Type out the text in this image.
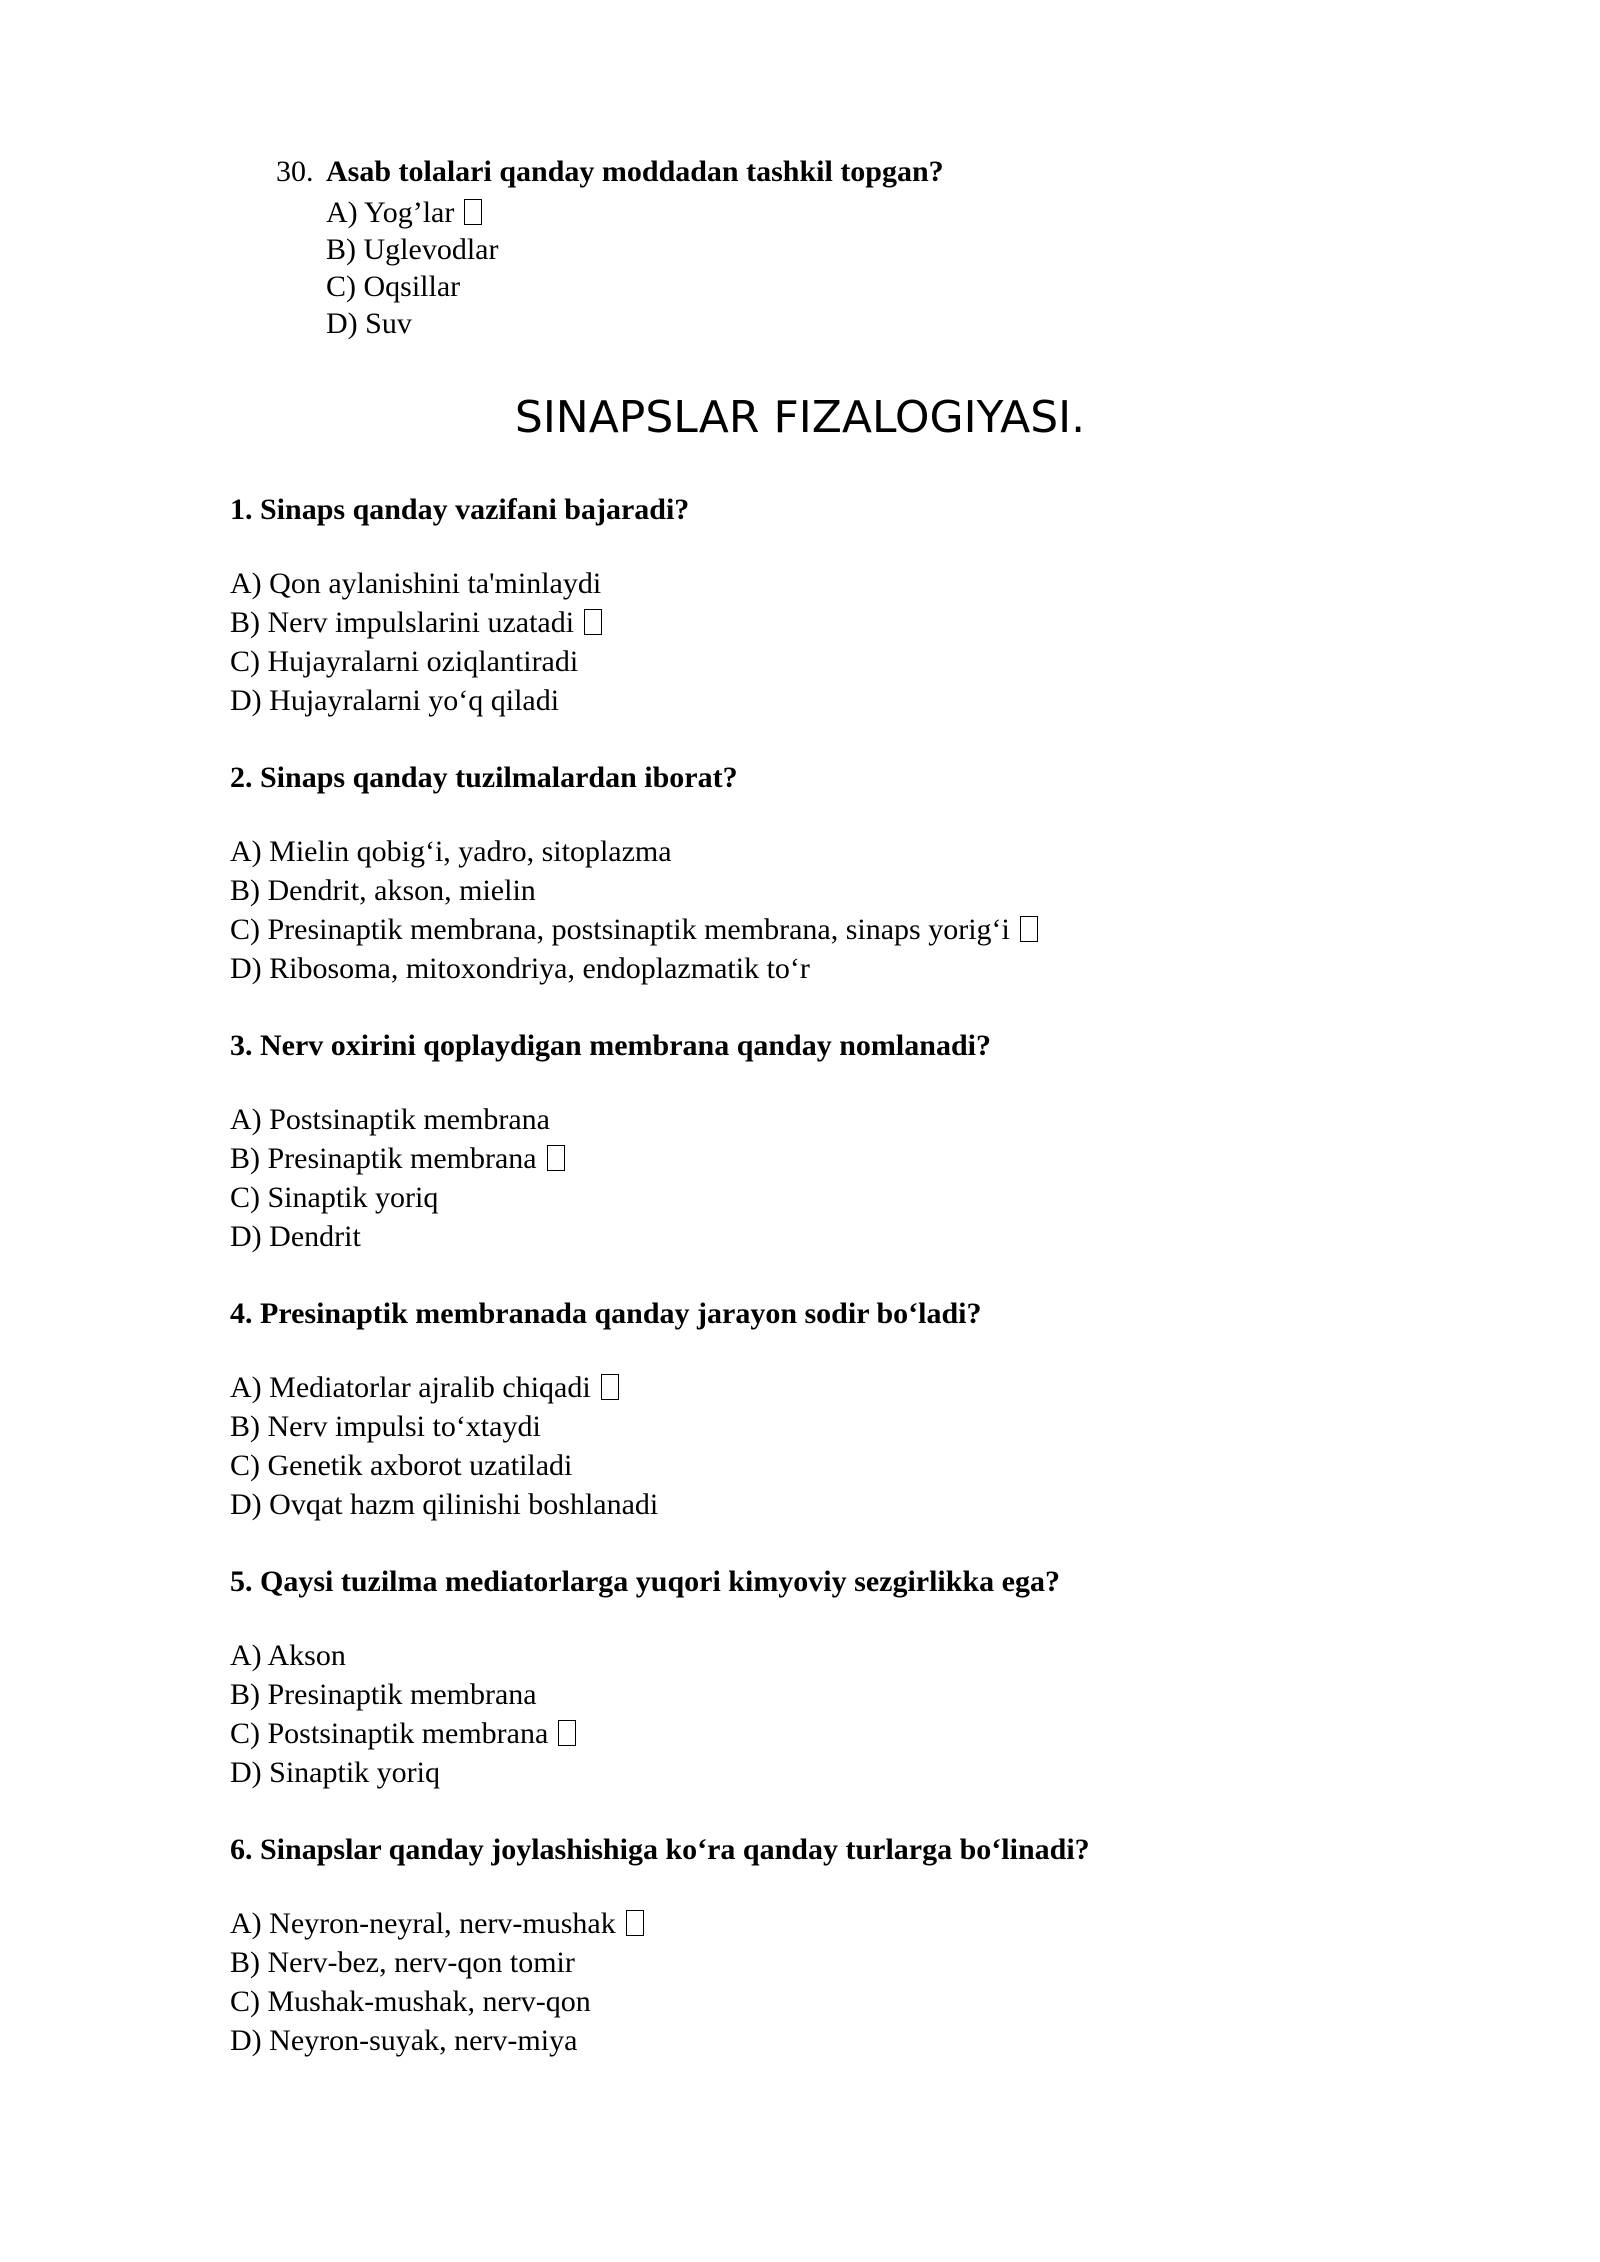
30. Asab tolalari qanday moddadan tashkil topgan?
A) Yog’lar
B) Uglevodlar
C) Oqsillar
D) Suv
SINAPSLAR FIZALOGIYASI.
1. Sinaps qanday vazifani bajaradi?
A) Qon aylanishini ta'minlaydi
B) Nerv impulslarini uzatadi
C) Hujayralarni oziqlantiradi
D) Hujayralarni yoʻq qiladi
2. Sinaps qanday tuzilmalardan iborat?
A) Mielin qobigʻi, yadro, sitoplazma
B) Dendrit, akson, mielin
C) Presinaptik membrana, postsinaptik membrana, sinaps yorigʻi
D) Ribosoma, mitoxondriya, endoplazmatik toʻr
3. Nerv oxirini qoplaydigan membrana qanday nomlanadi?
A) Postsinaptik membrana
B) Presinaptik membrana
C) Sinaptik yoriq
D) Dendrit
4. Presinaptik membranada qanday jarayon sodir boʻladi?
A) Mediatorlar ajralib chiqadi
B) Nerv impulsi toʻxtaydi
C) Genetik axborot uzatiladi
D) Ovqat hazm qilinishi boshlanadi
5. Qaysi tuzilma mediatorlarga yuqori kimyoviy sezgirlikka ega?
A) Akson
B) Presinaptik membrana
C) Postsinaptik membrana
D) Sinaptik yoriq
6. Sinapslar qanday joylashishiga koʻra qanday turlarga boʻlinadi?
A) Neyron-neyral, nerv-mushak
B) Nerv-bez, nerv-qon tomir
C) Mushak-mushak, nerv-qon
D) Neyron-suyak, nerv-miya
